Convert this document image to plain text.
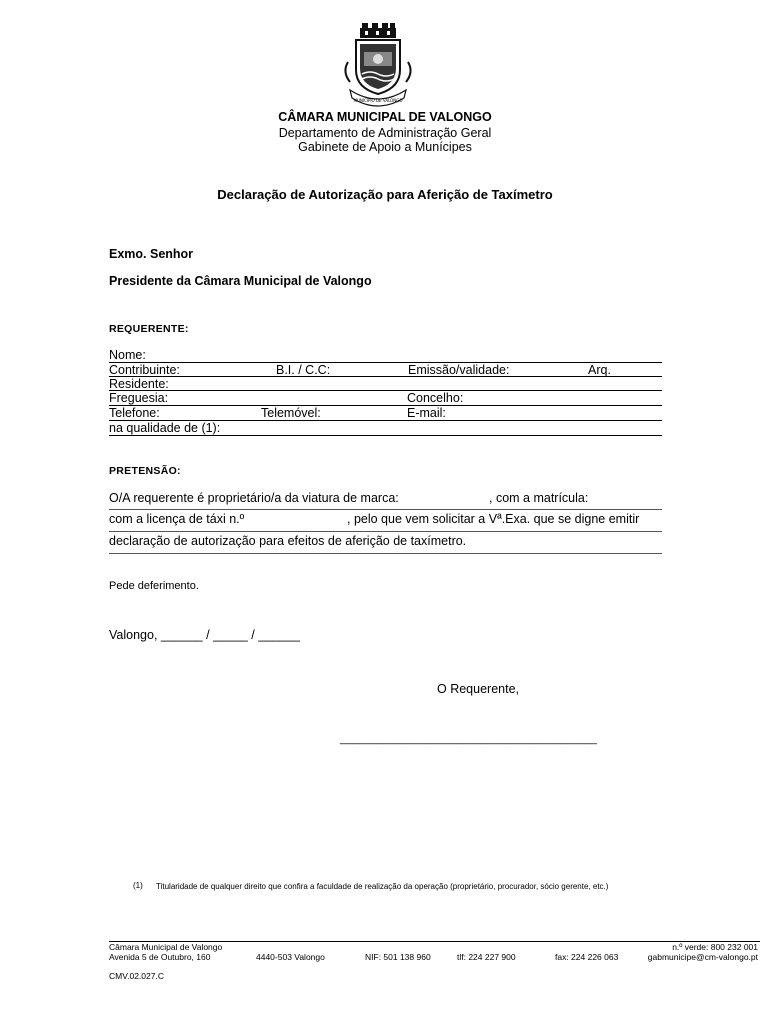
MUNICIPIO DE VALONGO
CÂMARA MUNICIPAL DE VALONGO
Departamento de Administração Geral
Gabinete de Apoio a Munícipes
Declaração de Autorização para Aferição de Taxímetro
Exmo. Senhor
Presidente da Câmara Municipal de Valongo
REQUERENTE:
Nome:
Contribuinte:	B.I. / C.C:	Emissão/validade:	Arq.
Residente:
Freguesia:	Concelho:
Telefone:	Telemóvel:	E-mail:
na qualidade de (1):
PRETENSÃO:
O/A requerente é proprietário/a da viatura de marca:	, com a matrícula:
com a licença de táxi n.º	, pelo que vem solicitar a Vª.Exa. que se digne emitir
declaração de autorização para efeitos de aferição de taxímetro.
Pede deferimento.
Valongo, ______ / _____ / ______
O Requerente,
__________________________________________
(1) Titularidade de qualquer direito que confira a faculdade de realização da operação (proprietário, procurador, sócio gerente, etc.)
Câmara Municipal de Valongo
Avenida 5 de Outubro, 160	4440-503 Valongo	NIF: 501 138 960	tlf: 224 227 900	fax: 224 226 063
n.º verde: 800 232 001
gabmunicipe@cm-valongo.pt
CMV.02.027.C
